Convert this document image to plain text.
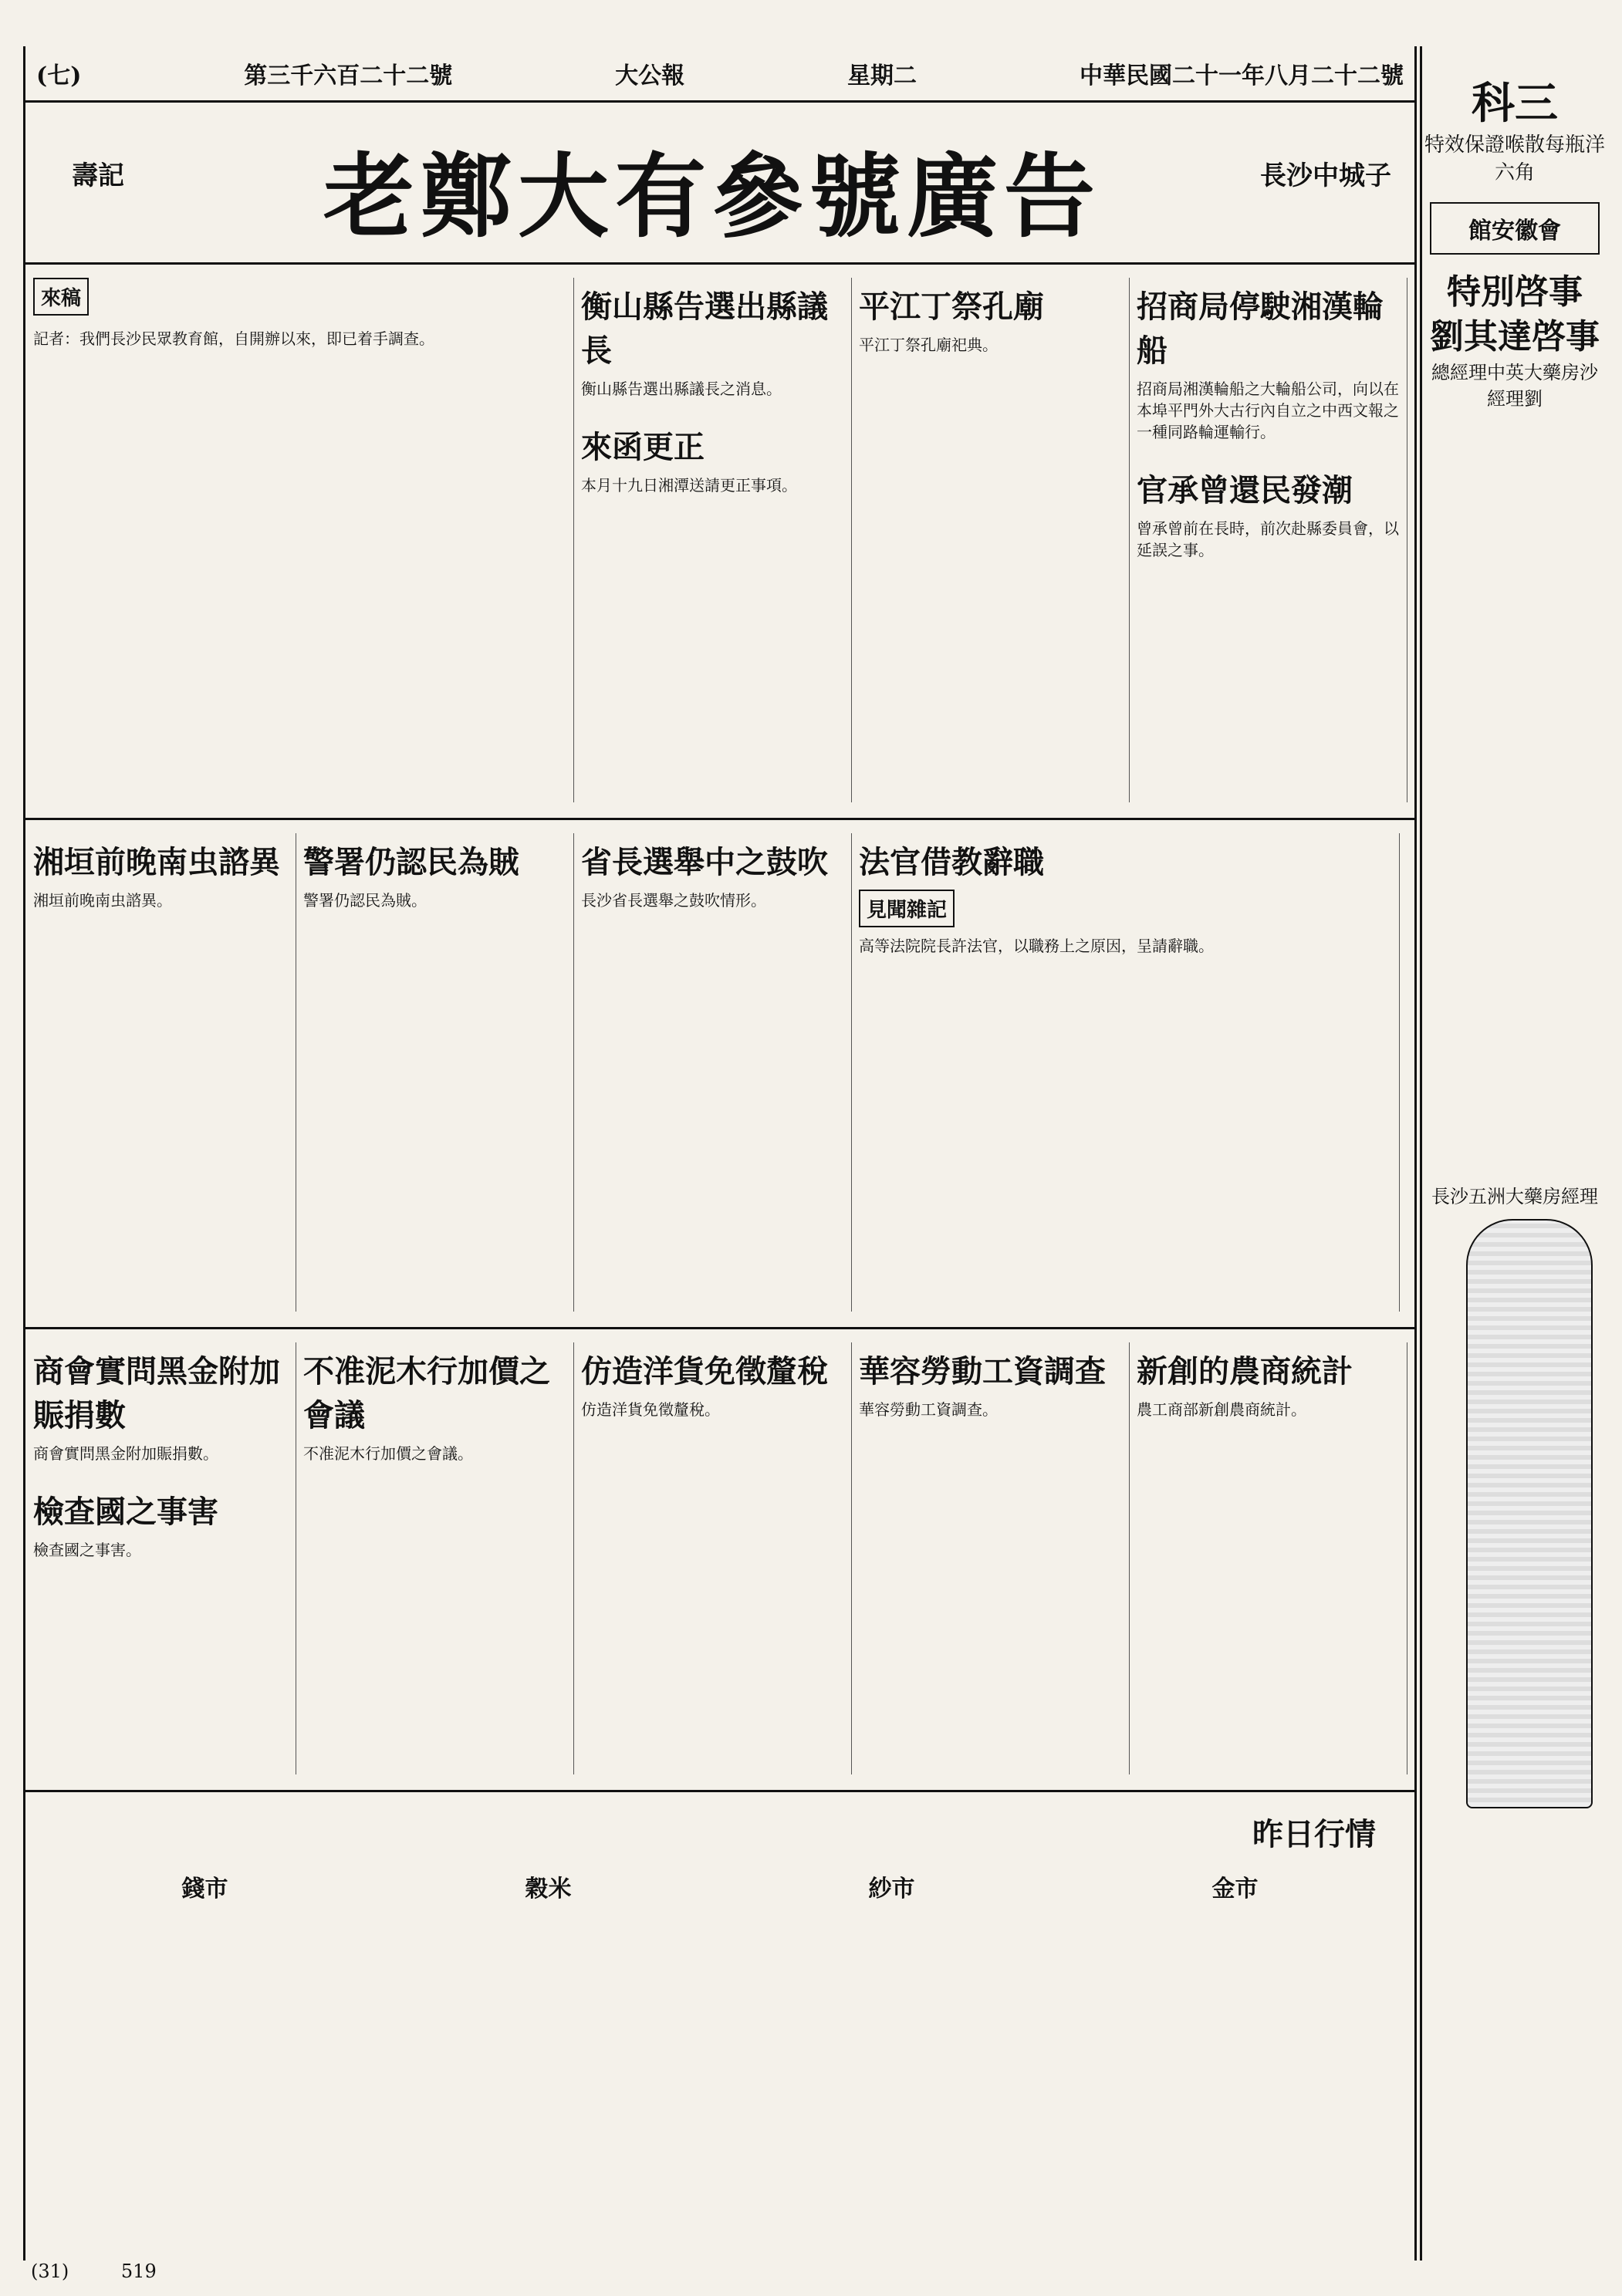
(七)	第三千六百二十二號	大公報	星期二	中華民國二十一年八月二十二號
壽記	老鄭大有參號廣告	長沙中城子
招商局停駛湘漢輪船
招商局湘漢輪船之大輪船公司，向以在本埠平門外大古行內自立之中西文報之一種同路輪運輸行。
官承曾還民發潮
曾承曾前在長時，前次赴縣委員會，以延誤之事。
平江丁祭孔廟
平江丁祭孔廟祀典。
衡山縣告選出縣議長
衡山縣告選出縣議長之消息。
來函更正
本月十九日湘潭送請更正事項。
來稿
記者：我們長沙民眾教育館，自開辦以來，即已着手調查。
法官借教辭職
見聞雜記
高等法院院長許法官，以職務上之原因，呈請辭職。
省長選舉中之鼓吹
長沙省長選舉之鼓吹情形。
警署仍認民為賊
警署仍認民為賊。
湘垣前晚南虫諮異
湘垣前晚南虫諮異。
新創的農商統計
農工商部新創農商統計。
華容勞動工資調查
華容勞動工資調查。
仿造洋貨免徵釐稅
仿造洋貨免徵釐稅。
不准泥木行加價之會議
不准泥木行加價之會議。
商會實問黑金附加賑捐數
商會實問黑金附加賑捐數。
檢查國之事害
檢查國之事害。
昨日行情
錢市	穀米	紗市	金市
科三
特效保證喉散每瓶洋六角
館安徽會
特別啓事
劉其達啓事
總經理中英大藥房沙
經理劉
長沙五洲大藥房經理
(31)	519
